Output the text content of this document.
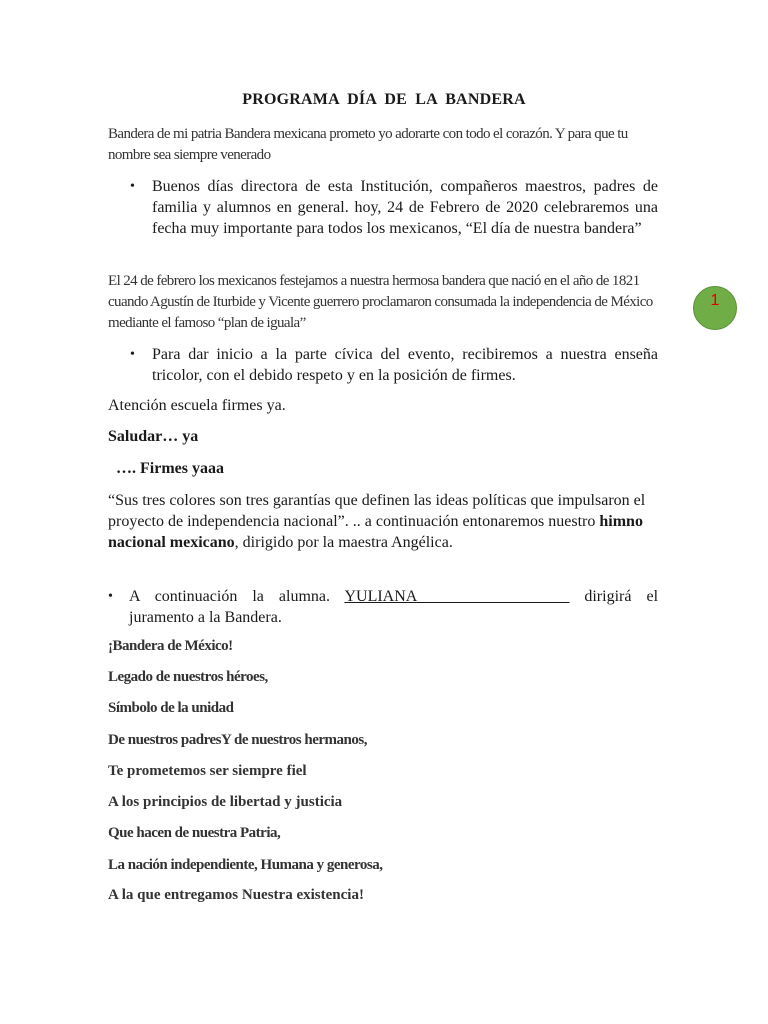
PROGRAMA DÍA DE LA BANDERA
Bandera de mi patria Bandera mexicana prometo yo adorarte con todo el corazón. Y para que tu nombre sea siempre venerado
• Buenos días directora de esta Institución, compañeros maestros, padres de familia y alumnos en general. hoy, 24 de Febrero de 2020 celebraremos una fecha muy importante para todos los mexicanos, “El día de nuestra bandera”
El 24 de febrero los mexicanos festejamos a nuestra hermosa bandera que nació en el año de 1821 cuando Agustín de Iturbide y Vicente guerrero proclamaron consumada la independencia de México mediante el famoso “plan de iguala”
• Para dar inicio a la parte cívica del evento, recibiremos a nuestra enseña tricolor, con el debido respeto y en la posición de firmes.
Atención escuela firmes ya.
Saludar… ya
…. Firmes yaaa
“Sus tres colores son tres garantías que definen las ideas políticas que impulsaron el proyecto de independencia nacional”. .. a continuación entonaremos nuestro himno nacional mexicano, dirigido por la maestra Angélica.
• A continuación la alumna. YULIANA___________________ dirigirá el juramento a la Bandera.
¡Bandera de México!
Legado de nuestros héroes,
Símbolo de la unidad
De nuestros padresY de nuestros hermanos,
Te prometemos ser siempre fiel
A los principios de libertad y justicia
Que hacen de nuestra Patria,
La nación independiente, Humana y generosa,
A la que entregamos Nuestra existencia!
1
